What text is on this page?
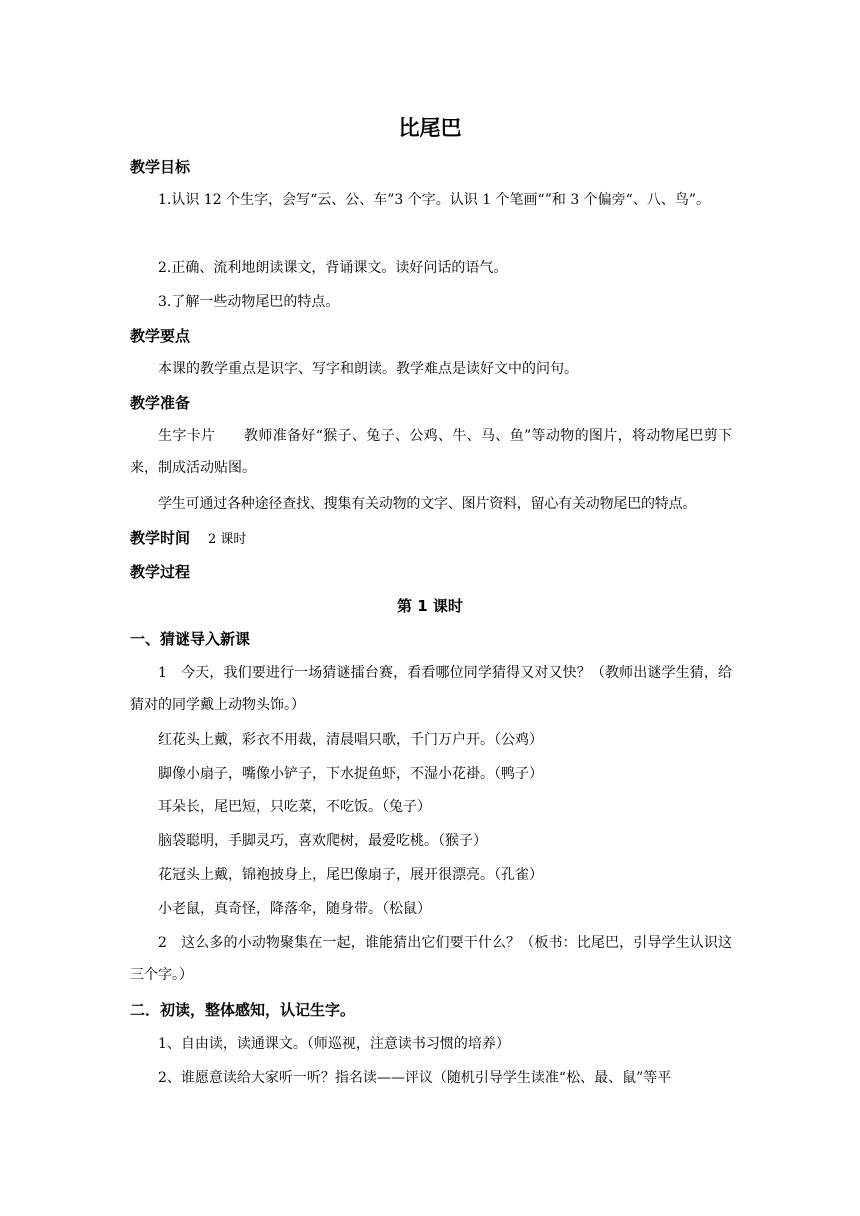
比尾巴
教学目标

1.认识 12 个生字，会写“云、公、车”3 个字。认识 1 个笔画“”和 3 个偏旁“、八、鸟”。

2.正确、流利地朗读课文，背诵课文。读好问话的语气。

3.了解一些动物尾巴的特点。

教学要点

本课的教学重点是识字、写字和朗读。教学难点是读好文中的问句。

教学准备

生字卡片　　教师准备好“猴子、兔子、公鸡、牛、马、鱼”等动物的图片，将动物尾巴剪下来，制成活动贴图。

学生可通过各种途径查找、搜集有关动物的文字、图片资料，留心有关动物尾巴的特点。

教学时间 2 课时
教学过程
第 1 课时
一、猜谜导入新课

1　今天，我们要进行一场猜谜擂台赛，看看哪位同学猜得又对又快？（教师出谜学生猜，给猜对的同学戴上动物头饰。）

红花头上戴，彩衣不用裁，清晨唱只歌，千门万户开。（公鸡）

脚像小扇子，嘴像小铲子，下水捉鱼虾，不湿小花褂。（鸭子）

耳朵长，尾巴短，只吃菜，不吃饭。（兔子）

脑袋聪明，手脚灵巧，喜欢爬树，最爱吃桃。（猴子）

花冠头上戴，锦袍披身上，尾巴像扇子，展开很漂亮。（孔雀）

小老鼠，真奇怪，降落伞，随身带。（松鼠）

2　这么多的小动物聚集在一起，谁能猜出它们要干什么？（板书：比尾巴，引导学生认识这三个字。）

二．初读，整体感知，认记生字。

1、自由读，读通课文。（师巡视，注意读书习惯的培养）

2、谁愿意读给大家听一听？指名读——评议（随机引导学生读准“松、最、鼠”等平
